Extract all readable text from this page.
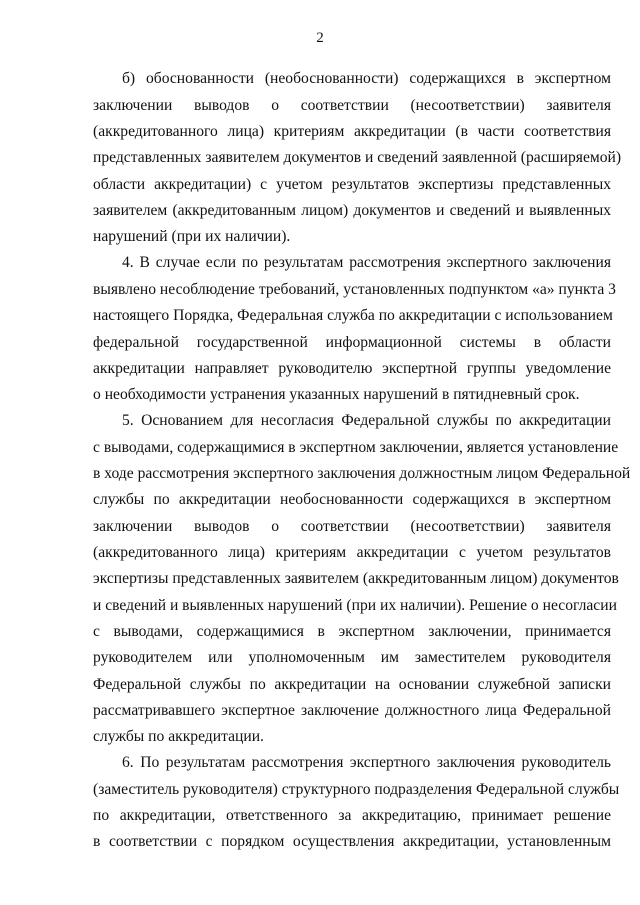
2
б) обоснованности (необоснованности) содержащихся в экспертном
заключении выводов о соответствии (несоответствии) заявителя
(аккредитованного лица) критериям аккредитации (в части соответствия
представленных заявителем документов и сведений заявленной (расширяемой)
области аккредитации) с учетом результатов экспертизы представленных
заявителем (аккредитованным лицом) документов и сведений и выявленных
нарушений (при их наличии).
4. В случае если по результатам рассмотрения экспертного заключения
выявлено несоблюдение требований, установленных подпунктом «а» пункта 3
настоящего Порядка, Федеральная служба по аккредитации с использованием
федеральной государственной информационной системы в области
аккредитации направляет руководителю экспертной группы уведомление
о необходимости устранения указанных нарушений в пятидневный срок.
5. Основанием для несогласия Федеральной службы по аккредитации
с выводами, содержащимися в экспертном заключении, является установление
в ходе рассмотрения экспертного заключения должностным лицом Федеральной
службы по аккредитации необоснованности содержащихся в экспертном
заключении выводов о соответствии (несоответствии) заявителя
(аккредитованного лица) критериям аккредитации с учетом результатов
экспертизы представленных заявителем (аккредитованным лицом) документов
и сведений и выявленных нарушений (при их наличии). Решение о несогласии
с выводами, содержащимися в экспертном заключении, принимается
руководителем или уполномоченным им заместителем руководителя
Федеральной службы по аккредитации на основании служебной записки
рассматривавшего экспертное заключение должностного лица Федеральной
службы по аккредитации.
6. По результатам рассмотрения экспертного заключения руководитель
(заместитель руководителя) структурного подразделения Федеральной службы
по аккредитации, ответственного за аккредитацию, принимает решение
в соответствии с порядком осуществления аккредитации, установленным
